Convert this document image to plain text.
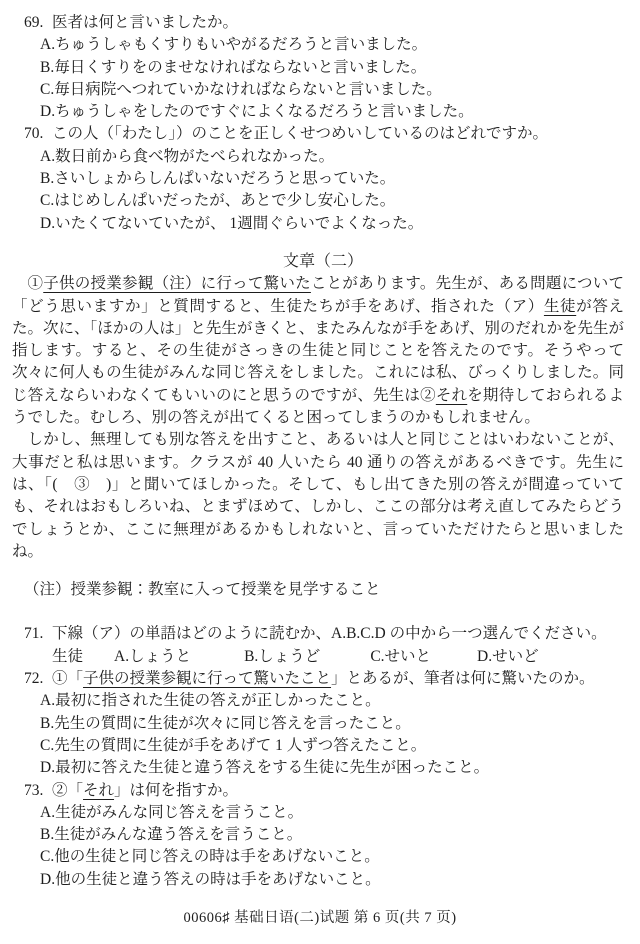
69. 医者は何と言いましたか。
A.ちゅうしゃもくすりもいやがるだろうと言いました。
B.毎日くすりをのませなければならないと言いました。
C.毎日病院へつれていかなければならないと言いました。
D.ちゅうしゃをしたのですぐによくなるだろうと言いました。
70. この人（「わたし」）のことを正しくせつめいしているのはどれですか。
A.数日前から食べ物がたべられなかった。
B.さいしょからしんぱいないだろうと思っていた。
C.はじめしんぱいだったが、あとで少し安心した。
D.いたくてないていたが、 1週間ぐらいでよくなった。
文章（二）

①子供の授業参観（注）に行って驚いたことがあります。先生が、ある問題について「どう思いますか」と質問すると、生徒たちが手をあげ、指された（ア）生徒が答えた。次に、「ほかの人は」と先生がきくと、またみんなが手をあげ、別のだれかを先生が指します。すると、その生徒がさっきの生徒と同じことを答えたのです。そうやって次々に何人もの生徒がみんな同じ答えをしました。これには私、びっくりしました。同じ答えならいわなくてもいいのにと思うのですが、先生は②それを期待しておられるようでした。むしろ、別の答えが出てくると困ってしまうのかもしれません。

しかし、無理しても別な答えを出すこと、あるいは人と同じことはいわないことが、大事だと私は思います。クラスが 40 人いたら 40 通りの答えがあるべきです。先生には、「(　③　)」と聞いてほしかった。そして、もし出てきた別の答えが間違っていても、それはおもしろいね、とまずほめて、しかし、ここの部分は考え直してみたらどうでしょうとか、ここに無理があるかもしれないと、言っていただけたらと思いましたね。

（注）授業参観：教室に入って授業を見学すること
71. 下線（ア）の単語はどのように読むか、A.B.C.D の中から一つ選んでください。
生徒 A.しょうと	B.しょうど	C.せいと	D.せいど
72. ①「子供の授業参観に行って驚いたこと」とあるが、筆者は何に驚いたのか。
A.最初に指された生徒の答えが正しかったこと。
B.先生の質問に生徒が次々に同じ答えを言ったこと。
C.先生の質問に生徒が手をあげて 1 人ずつ答えたこと。
D.最初に答えた生徒と違う答えをする生徒に先生が困ったこと。
73. ②「それ」は何を指すか。
A.生徒がみんな同じ答えを言うこと。
B.生徒がみんな違う答えを言うこと。
C.他の生徒と同じ答えの時は手をあげないこと。
D.他の生徒と違う答えの時は手をあげないこと。
00606♯ 基础日语(二)试题 第 6 页(共 7 页)
